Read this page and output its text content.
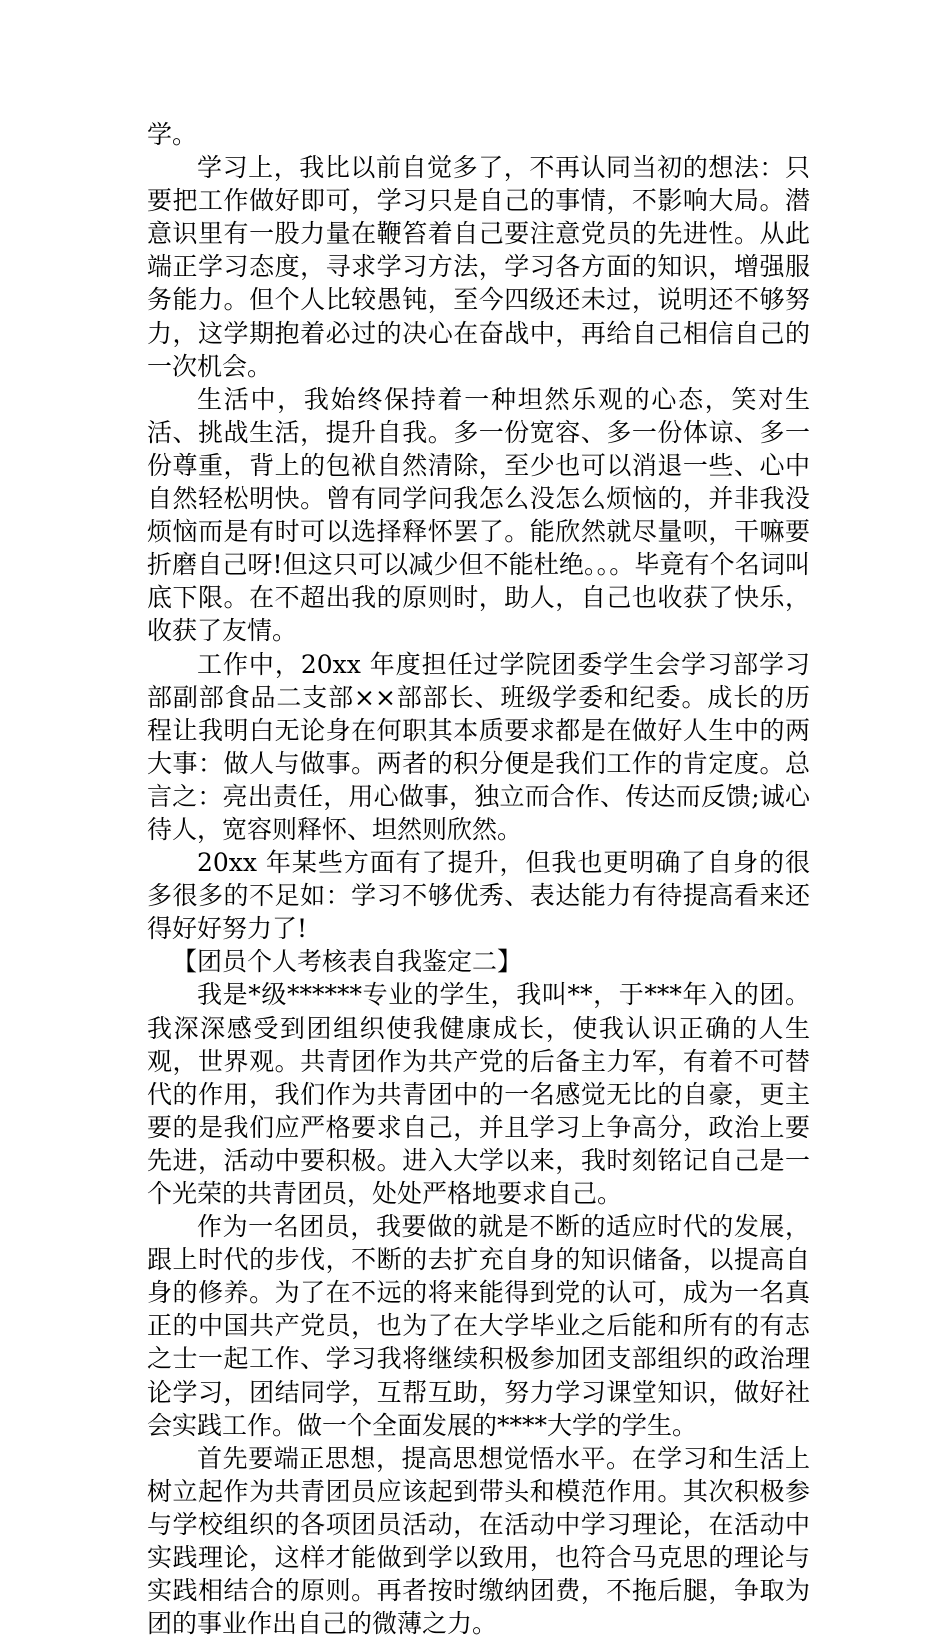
学。

学习上，我比以前自觉多了，不再认同当初的想法：只要把工作做好即可，学习只是自己的事情，不影响大局。潜意识里有一股力量在鞭笞着自己要注意党员的先进性。从此端正学习态度，寻求学习方法，学习各方面的知识，增强服务能力。但个人比较愚钝，至今四级还未过，说明还不够努力，这学期抱着必过的决心在奋战中，再给自己相信自己的一次机会。

生活中，我始终保持着一种坦然乐观的心态，笑对生活、挑战生活，提升自我。多一份宽容、多一份体谅、多一份尊重，背上的包袱自然清除，至少也可以消退一些、心中自然轻松明快。曾有同学问我怎么没怎么烦恼的，并非我没烦恼而是有时可以选择释怀罢了。能欣然就尽量呗，干嘛要折磨自己呀!但这只可以减少但不能杜绝。。。毕竟有个名词叫底下限。在不超出我的原则时，助人，自己也收获了快乐，收获了友情。

工作中，20xx 年度担任过学院团委学生会学习部学习部副部食品二支部××部部长、班级学委和纪委。成长的历程让我明白无论身在何职其本质要求都是在做好人生中的两大事：做人与做事。两者的积分便是我们工作的肯定度。总言之：亮出责任，用心做事，独立而合作、传达而反馈;诚心待人，宽容则释怀、坦然则欣然。

20xx 年某些方面有了提升，但我也更明确了自身的很多很多的不足如：学习不够优秀、表达能力有待提高看来还得好好努力了!

【团员个人考核表自我鉴定二】

我是*级******专业的学生，我叫**，于***年入的团。我深深感受到团组织使我健康成长，使我认识正确的人生观，世界观。共青团作为共产党的后备主力军，有着不可替代的作用，我们作为共青团中的一名感觉无比的自豪，更主要的是我们应严格要求自己，并且学习上争高分，政治上要先进，活动中要积极。进入大学以来，我时刻铭记自己是一个光荣的共青团员，处处严格地要求自己。

作为一名团员，我要做的就是不断的适应时代的发展，跟上时代的步伐，不断的去扩充自身的知识储备，以提高自身的修养。为了在不远的将来能得到党的认可，成为一名真正的中国共产党员，也为了在大学毕业之后能和所有的有志之士一起工作、学习我将继续积极参加团支部组织的政治理论学习，团结同学，互帮互助，努力学习课堂知识，做好社会实践工作。做一个全面发展的****大学的学生。

首先要端正思想，提高思想觉悟水平。在学习和生活上树立起作为共青团员应该起到带头和模范作用。其次积极参与学校组织的各项团员活动，在活动中学习理论，在活动中实践理论，这样才能做到学以致用，也符合马克思的理论与实践相结合的原则。再者按时缴纳团费，不拖后腿，争取为团的事业作出自己的微薄之力。
